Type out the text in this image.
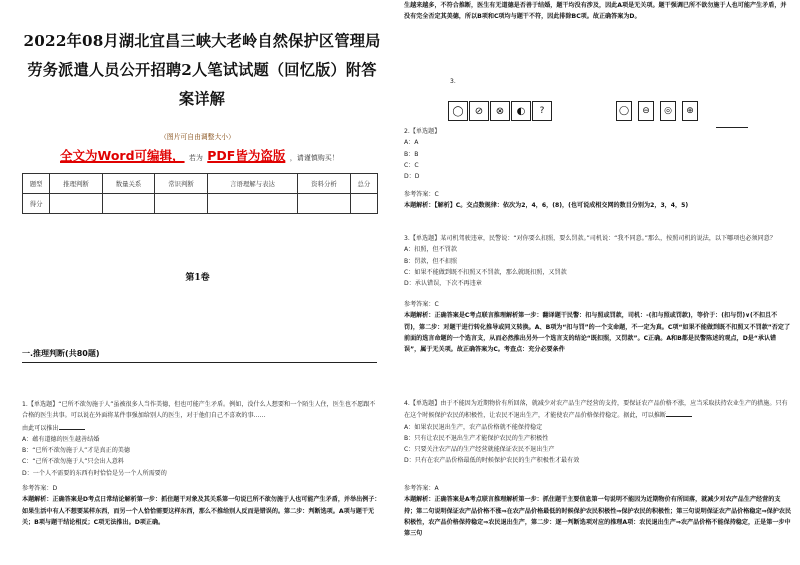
2022年08月湖北宜昌三峡大老岭自然保护区管理局劳务派遣人员公开招聘2人笔试试题（回忆版）附答案详解
（图片可自由调整大小）
全文为Word可编辑， 若为 PDF皆为盗版 ，请谨慎购买！
题型	推理判断	数量关系	常识判断	言语理解与表达	资料分析	总分
得分						
第1卷
一.推理判断(共80题)
1.【单选题】“已所不欲勿施于人”虽被很多人当作美德，但也可能产生矛盾。例如，没什么人想要和一个陌生人住，医生也不愿跟不合格的医生共事。可以说在外面将某件事强加给别人的医生，对于他们自己不喜欢的事……
由此可以推出
A：蕴有道德的医生越善结婚
B：“已所不欲勿施于人”才是真正的美德
C：“己所不欲勿施于人”只会出人意料
D：一个人不需要的东西有时恰恰是另一个人所需要的
参考答案：D
本题解析：正确答案是D考点日常结论解析第一步：抓住题干对象及其关系第一句说已所不欲勿施于人也可能产生矛盾，并举出例子：如果生活中有人不想要某样东西，而另一个人恰恰需要这样东西，那么不推给别人反而是错误的。第二步：判断选项。A项与题干无关；B项与题干结论相反；C项无法推出。D项正确。
生越来越多，不符合推断，医生有无道德是否善于结婚，题干均没有涉及，因此A项是无关项。题干强调已所不欲勿施于人也可能产生矛盾，并没有完全否定其美德，所以B项和C项均与题干不符，因此排除BC项。故正确答案为D。
3.
◯	⊘	⊗	◐	?	◯	⊖	◎	⊕
2.【单选题】
A：A
B：B
C：C
D：D
参考答案：C
本题解析：【解析】C。交点数规律：依次为2，4，6，(8)，(也可说成相交网的数目分别为2，3，4，5)
3.【单选题】某司机驾驶违章，民警说：“对你要么扣照，要么罚款。”司机说：“我不同意。”那么，按照司机的说法，以下哪项也必须同意？
A：扣照，但不罚款
B：罚款，但不扣照
C：如果不能做到既不扣照又不罚款，那么就既扣照，又罚款
D：承认错误，下次不再违章
参考答案：C
本题解析：正确答案是C考点联言推理解析第一步：翻译题干民警：扣与照或罚款，司机：-(扣与照或罚款)，等价于：(扣与罚)∨(不扣且不罚)，第二步：对题干进行转化推导或同义转换。A、B项为“扣与罚”的一个支命题，不一定为真。C项“如果不能做到既不扣照又不罚款”否定了前面的选言命题的一个选言支，从而必然推出另外一个选言支的结论“既扣照，又罚款”。C正确。A和B都是民警陈述的观点，D是“承认错误”，属于无关项。故正确答案为C。考查点：充分必要条件
4.【单选题】由于不能因为近期物价有所回落，就减少对农产品生产经营的支持，要保证农产品价格不涨，应当采取扶持农业生产的措施。只有在这个时候保护农民的积极性，让农民不退出生产，才能使农产品价格保持稳定。据此，可以推断
A：如果农民退出生产，农产品价格就不能保持稳定
B：只有让农民不退出生产才能保护农民的生产积极性
C：只要关注农产品的生产经营就能保证农民不退出生产
D：只有在农产品价格最低的时候保护农民的生产积极性才最有效
参考答案：A
本题解析：正确答案是A考点联言推理解析第一步：抓住题干主要信息第一句说明不能因为近期物价有所回落，就减少对农产品生产经营的支持；第二句说明保证农产品价格不涨⇒在农产品价格最低的时候保护农民积极性⇒保护农民的积极性；第三句说明保证农产品价格稳定⇒保护农民积极性，农产品价格保持稳定⇒农民退出生产，第二步：逐一判断选项对应的推理A项：农民退出生产⇒农产品价格不能保持稳定，正是第一步中第三句
